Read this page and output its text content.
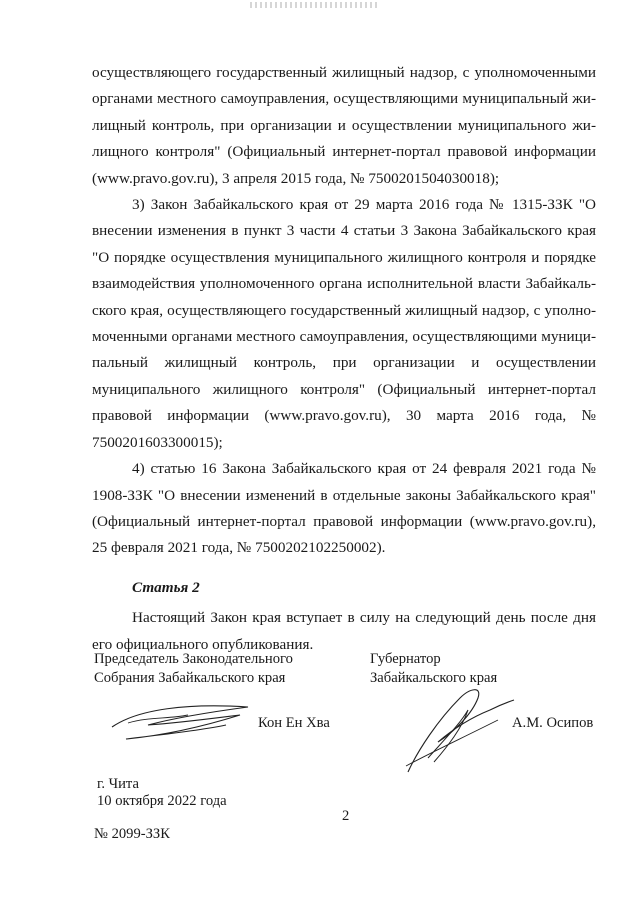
осуществляющего государственный жилищный надзор, с уполномоченными органами местного самоуправления, осуществляющими муниципальный жилищный контроль, при организации и осуществлении муниципального жилищного контроля" (Официальный интернет-портал правовой информации (www.pravo.gov.ru), 3 апреля 2015 года, № 7500201504030018);

3) Закон Забайкальского края от 29 марта 2016 года № 1315-ЗЗК "О внесении изменения в пункт 3 части 4 статьи 3 Закона Забайкальского края "О порядке осуществления муниципального жилищного контроля и порядке взаимодействия уполномоченного органа исполнительной власти Забайкальского края, осуществляющего государственный жилищный надзор, с уполномоченными органами местного самоуправления, осуществляющими муниципальный жилищный контроль, при организации и осуществлении муниципального жилищного контроля" (Официальный интернет-портал правовой информации (www.pravo.gov.ru), 30 марта 2016 года, № 7500201603300015);

4) статью 16 Закона Забайкальского края от 24 февраля 2021 года № 1908-ЗЗК "О внесении изменений в отдельные законы Забайкальского края" (Официальный интернет-портал правовой информации (www.pravo.gov.ru), 25 февраля 2021 года, № 7500202102250002).

Статья 2

Настоящий Закон края вступает в силу на следующий день после дня его официального опубликования.

Председатель Законодательного
Собрания Забайкальского края
Губернатор
Забайкальского края
Кон Ен Хва	А.М. Осипов
г. Чита
10 октября 2022 года
2
№ 2099-ЗЗК
